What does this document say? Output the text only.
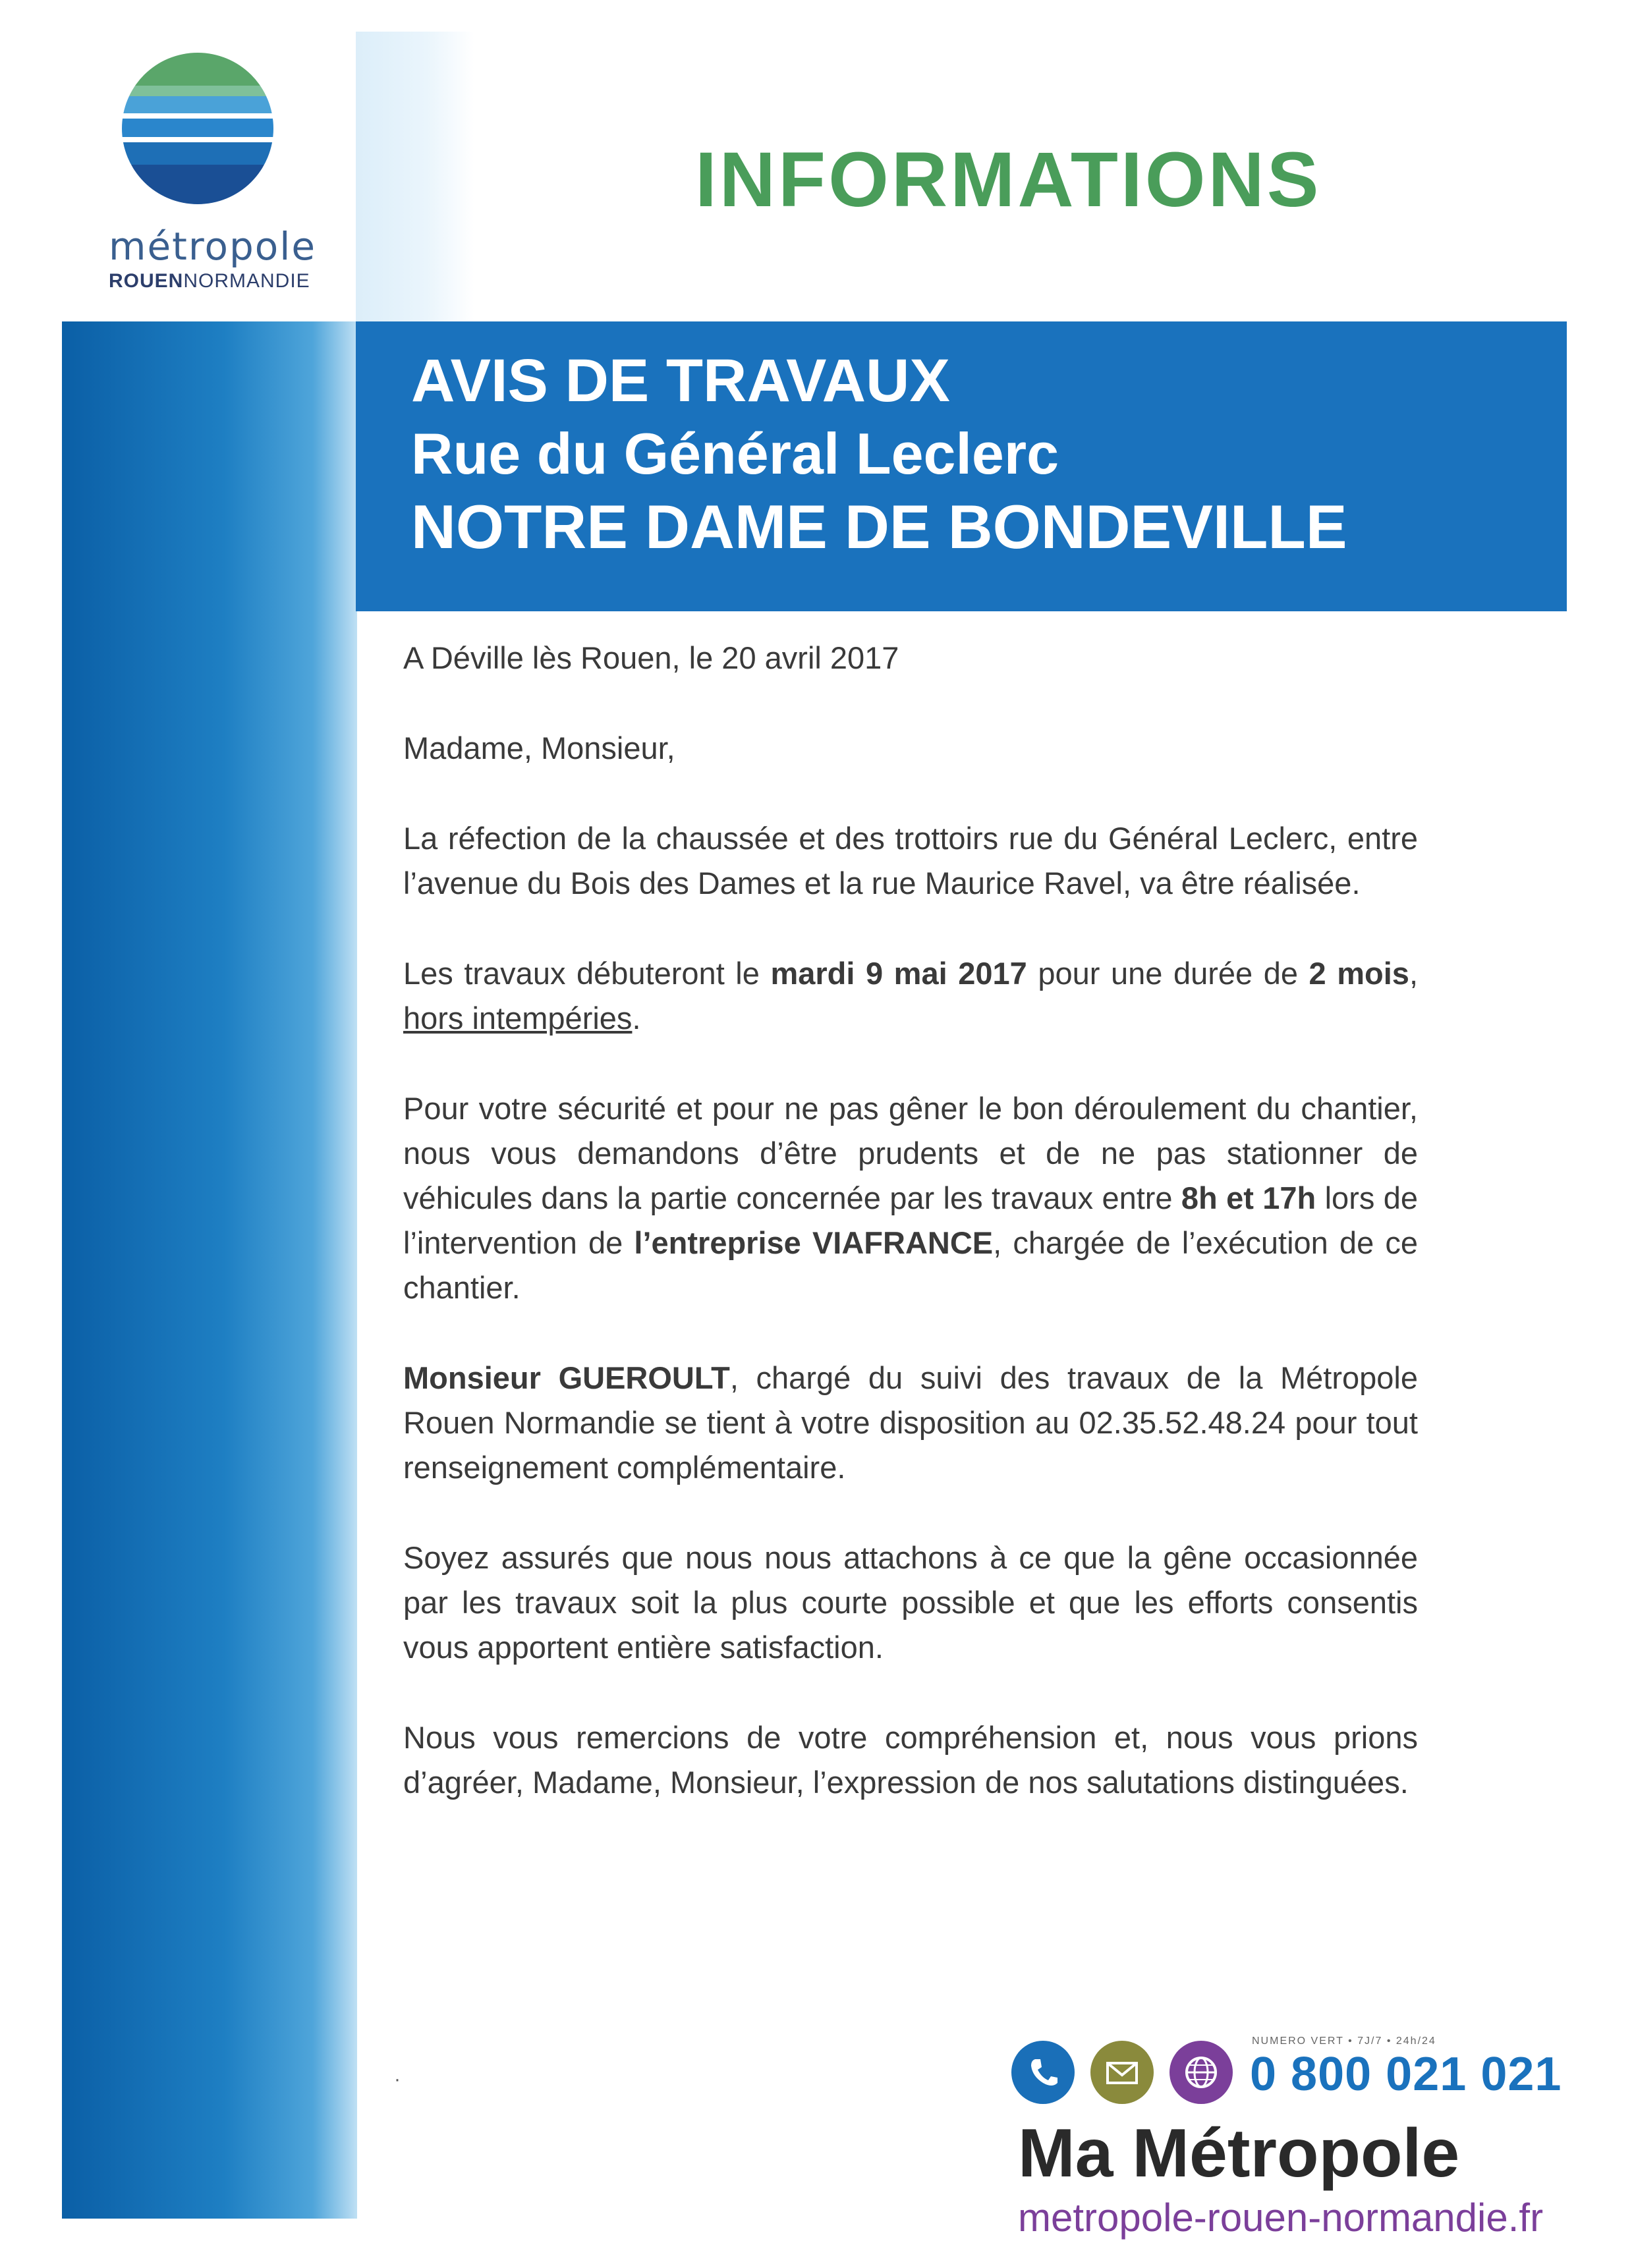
métropole
ROUENNORMANDIE
INFORMATIONS
AVIS DE TRAVAUX
Rue du Général Leclerc
NOTRE DAME DE BONDEVILLE

A Déville lès Rouen, le 20 avril 2017

Madame, Monsieur,

La réfection de la chaussée et des trottoirs rue du Général Leclerc, entre l’avenue du Bois des Dames et la rue Maurice Ravel, va être réalisée.

Les travaux débuteront le mardi 9 mai 2017 pour une durée de 2 mois, hors intempéries.

Pour votre sécurité et pour ne pas gêner le bon déroulement du chantier, nous vous demandons d’être prudents et de ne pas stationner de véhicules dans la partie concernée par les travaux entre 8h et 17h lors de l’intervention de l’entreprise VIAFRANCE, chargée de l’exécution de ce chantier.

Monsieur GUEROULT, chargé du suivi des travaux de la Métropole Rouen Normandie se tient à votre disposition au 02.35.52.48.24 pour tout renseignement complémentaire.

Soyez assurés que nous nous attachons à ce que la gêne occasionnée par les travaux soit la plus courte possible et que les efforts consentis vous apportent entière satisfaction.

Nous vous remercions de votre compréhension et, nous vous prions d’agréer, Madame, Monsieur, l’expression de nos salutations distinguées.

·
NUMERO VERT • 7J/7 • 24h/24
0 800 021 021
Ma Métropole
metropole-rouen-normandie.fr
